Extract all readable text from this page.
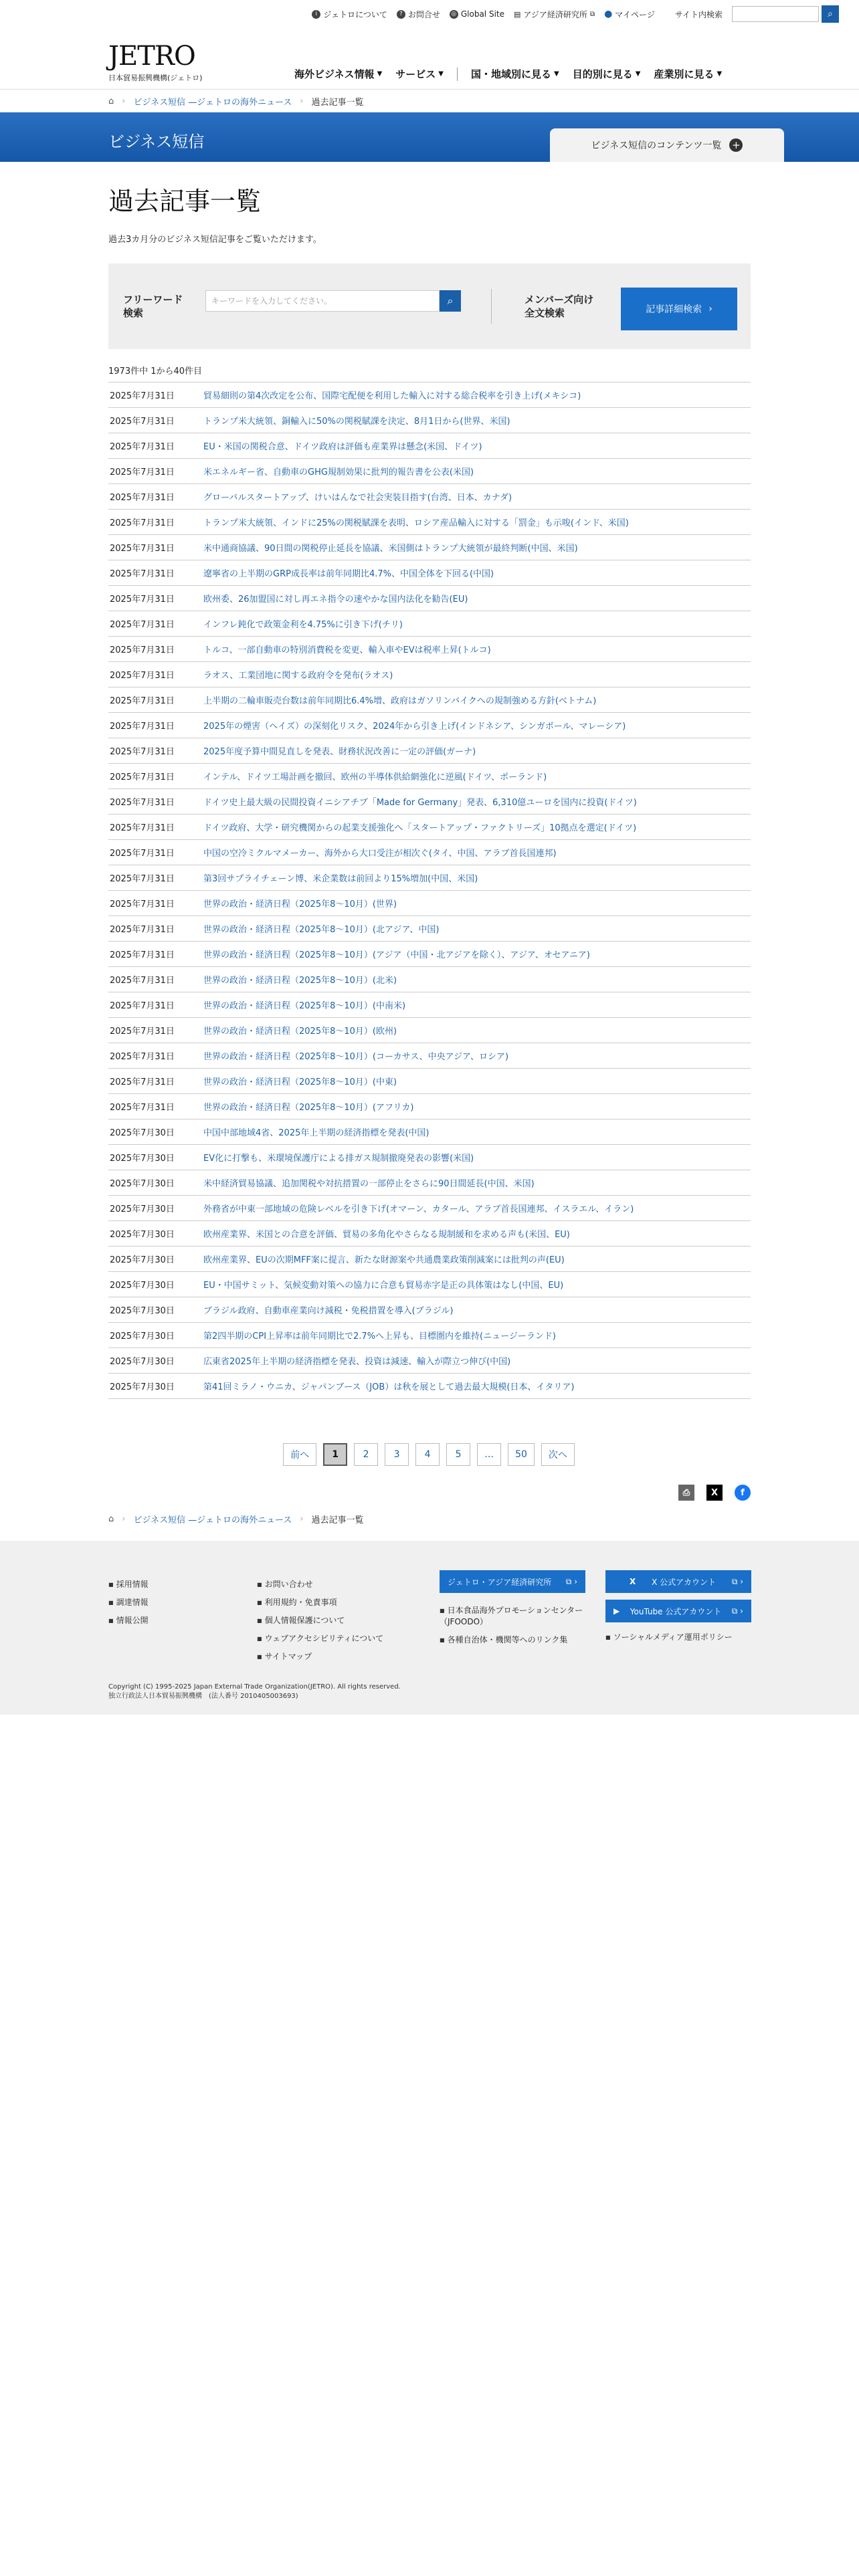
i ジェトロについて	? お問合せ ◎ Global Site ▤ アジア経済研究所 ⧉ ● マイページ	サイト内検索	⌕
JETRO
日本貿易振興機構(ジェトロ)	海外ビジネス情報 ▼ サービス ▼	国・地域別に見る ▼ 目的別に見る ▼ 産業別に見る ▼
⌂ › ビジネス短信 —ジェトロの海外ニュース › 過去記事一覧
ビジネス短信	ビジネス短信のコンテンツ一覧 +
過去記事一覧

過去3カ月分のビジネス短信記事をご覧いただけます。

フリーワード
検索
キーワードを入力してください。	⌕	メンバーズ向け
全文検索	記事詳細検索 ›
1973件中 1から40件目
2025年7月31日	貿易細則の第4次改定を公布、国際宅配便を利用した輸入に対する総合税率を引き上げ(メキシコ)
2025年7月31日	トランプ米大統領、銅輸入に50%の関税賦課を決定、8月1日から(世界、米国)
2025年7月31日	EU・米国の関税合意、ドイツ政府は評価も産業界は懸念(米国、ドイツ)
2025年7月31日	米エネルギー省、自動車のGHG規制効果に批判的報告書を公表(米国)
2025年7月31日	グローバルスタートアップ、けいはんなで社会実装目指す(台湾、日本、カナダ)
2025年7月31日	トランプ米大統領、インドに25%の関税賦課を表明、ロシア産品輸入に対する「罰金」も示唆(インド、米国)
2025年7月31日	米中通商協議、90日間の関税停止延長を協議、米国側はトランプ大統領が最終判断(中国、米国)
2025年7月31日	遼寧省の上半期のGRP成長率は前年同期比4.7%、中国全体を下回る(中国)
2025年7月31日	欧州委、26加盟国に対し再エネ指令の速やかな国内法化を勧告(EU)
2025年7月31日	インフレ鈍化で政策金利を4.75%に引き下げ(チリ)
2025年7月31日	トルコ、一部自動車の特別消費税を変更、輸入車やEVは税率上昇(トルコ)
2025年7月31日	ラオス、工業団地に関する政府令を発布(ラオス)
2025年7月31日	上半期の二輪車販売台数は前年同期比6.4%増、政府はガソリンバイクへの規制強める方針(ベトナム)
2025年7月31日	2025年の煙害（ヘイズ）の深刻化リスク、2024年から引き上げ(インドネシア、シンガポール、マレーシア)
2025年7月31日	2025年度予算中間見直しを発表、財務状況改善に一定の評価(ガーナ)
2025年7月31日	インテル、ドイツ工場計画を撤回、欧州の半導体供給網強化に逆風(ドイツ、ポーランド)
2025年7月31日	ドイツ史上最大級の民間投資イニシアチブ「Made for Germany」発表、6,310億ユーロを国内に投資(ドイツ)
2025年7月31日	ドイツ政府、大学・研究機関からの起業支援強化へ「スタートアップ・ファクトリーズ」10拠点を選定(ドイツ)
2025年7月31日	中国の空冷ミクルマメーカー、海外から大口受注が相次ぐ(タイ、中国、アラブ首長国連邦)
2025年7月31日	第3回サプライチェーン博、米企業数は前回より15%増加(中国、米国)
2025年7月31日	世界の政治・経済日程（2025年8～10月）(世界)
2025年7月31日	世界の政治・経済日程（2025年8～10月）(北アジア、中国)
2025年7月31日	世界の政治・経済日程（2025年8～10月）(アジア（中国・北アジアを除く）、アジア、オセアニア)
2025年7月31日	世界の政治・経済日程（2025年8～10月）(北米)
2025年7月31日	世界の政治・経済日程（2025年8～10月）(中南米)
2025年7月31日	世界の政治・経済日程（2025年8～10月）(欧州)
2025年7月31日	世界の政治・経済日程（2025年8～10月）(コーカサス、中央アジア、ロシア)
2025年7月31日	世界の政治・経済日程（2025年8～10月）(中東)
2025年7月31日	世界の政治・経済日程（2025年8～10月）(アフリカ)
2025年7月30日	中国中部地域4省、2025年上半期の経済指標を発表(中国)
2025年7月30日	EV化に打撃も、米環境保護庁による排ガス規制撤廃発表の影響(米国)
2025年7月30日	米中経済貿易協議、追加関税や対抗措置の一部停止をさらに90日間延長(中国、米国)
2025年7月30日	外務省が中東一部地域の危険レベルを引き下げ(オマーン、カタール、アラブ首長国連邦、イスラエル、イラン)
2025年7月30日	欧州産業界、米国との合意を評価、貿易の多角化やさらなる規制緩和を求める声も(米国、EU)
2025年7月30日	欧州産業界、EUの次期MFF案に提言、新たな財源案や共通農業政策削減案には批判の声(EU)
2025年7月30日	EU・中国サミット、気候変動対策への協力に合意も貿易赤字是正の具体策はなし(中国、EU)
2025年7月30日	ブラジル政府、自動車産業向け減税・免税措置を導入(ブラジル)
2025年7月30日	第2四半期のCPI上昇率は前年同期比で2.7%へ上昇も、目標圏内を維持(ニュージーランド)
2025年7月30日	広東省2025年上半期の経済指標を発表、投資は減速、輸入が際立つ伸び(中国)
2025年7月30日	第41回ミラノ・ウニカ、ジャパンブース（JOB）は秋を展として過去最大規模(日本、イタリア)
前へ	1	2	3	4	5	…	50	次へ
⎙	X	f
⌂ › ビジネス短信 —ジェトロの海外ニュース › 過去記事一覧
■ 採用情報
■ 調達情報
■ 情報公開
■ お問い合わせ
■ 利用規約・免責事項
■ 個人情報保護について
■ ウェブアクセシビリティについて
■ サイトマップ
ジェトロ・アジア経済研究所 ⧉ ›
■ 日本食品海外プロモーションセンター（JFOODO）
■ 各種自治体・機関等へのリンク集
X X 公式アカウント ⧉ ›
▶ YouTube 公式アカウント ⧉ ›
■ ソーシャルメディア運用ポリシー
Copyright (C) 1995-2025 Japan External Trade Organization(JETRO). All rights reserved.
独立行政法人日本貿易振興機構　(法人番号 2010405003693)
